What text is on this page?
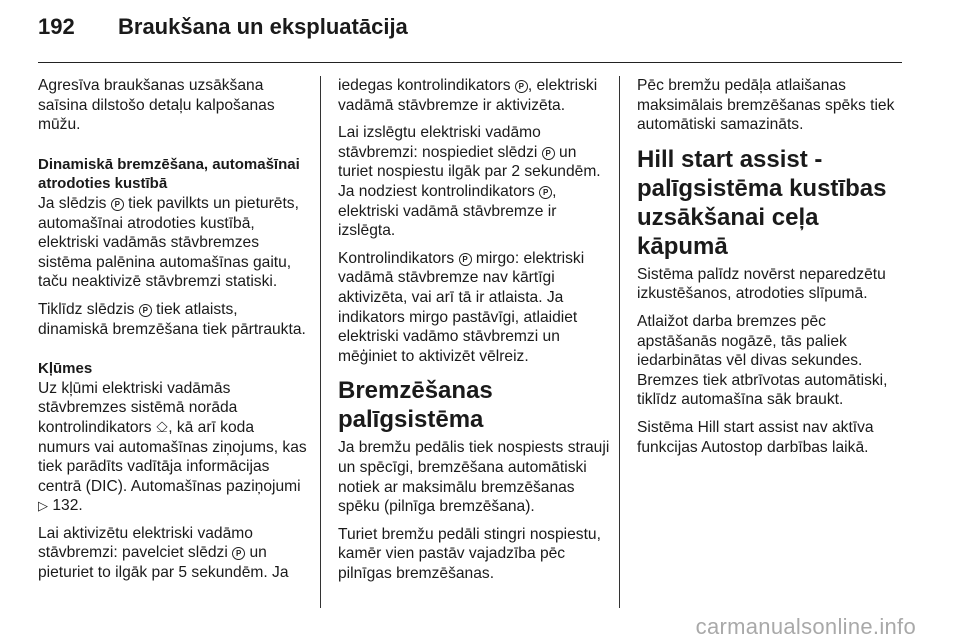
192 Braukšana un ekspluatācija

Agresīva braukšanas uzsākšana saīsina dilstošo detaļu kalpošanas mūžu.

Dinamiskā bremzēšana, automašīnai atrodoties kustībā

Ja slēdzis P tiek pavilkts un pieturēts, automašīnai atrodoties kustībā, elektriski vadāmās stāvbremzes sistēma palēnina automašīnas gaitu, taču neaktivizē stāvbremzi statiski.

Tiklīdz slēdzis P tiek atlaists, dinamiskā bremzēšana tiek pārtraukta.

Kļūmes

Uz kļūmi elektriski vadāmās stāvbremzes sistēmā norāda kontrolindikators ⎐, kā arī koda numurs vai automašīnas ziņojums, kas tiek parādīts vadītāja informācijas centrā (DIC). Automašīnas paziņojumi ▷ 132.

Lai aktivizētu elektriski vadāmo stāvbremzi: pavelciet slēdzi P un pieturiet to ilgāk par 5 sekundēm. Ja

iedegas kontrolindikators P , elektriski vadāmā stāvbremze ir aktivizēta.

Lai izslēgtu elektriski vadāmo stāvbremzi: nospiediet slēdzi P un turiet nospiestu ilgāk par 2 sekundēm. Ja nodziest kontrolindikators P , elektriski vadāmā stāvbremze ir izslēgta.

Kontrolindikators P mirgo: elektriski vadāmā stāvbremze nav kārtīgi aktivizēta, vai arī tā ir atlaista. Ja indikators mirgo pastāvīgi, atlaidiet elektriski vadāmo stāvbremzi un mēģiniet to aktivizēt vēlreiz.

Bremzēšanas palīgsistēma

Ja bremžu pedālis tiek nospiests strauji un spēcīgi, bremzēšana automātiski notiek ar maksimālu bremzēšanas spēku (pilnīga bremzēšana).

Turiet bremžu pedāli stingri nospiestu, kamēr vien pastāv vajadzība pēc pilnīgas bremzēšanas.

Pēc bremžu pedāļa atlaišanas maksimālais bremzēšanas spēks tiek automātiski samazināts.

Hill start assist - palīgsistēma kustības uzsākšanai ceļa kāpumā

Sistēma palīdz novērst neparedzētu izkustēšanos, atrodoties slīpumā.

Atlaižot darba bremzes pēc apstāšanās nogāzē, tās paliek iedarbinātas vēl divas sekundes. Bremzes tiek atbrīvotas automātiski, tiklīdz automašīna sāk braukt.

Sistēma Hill start assist nav aktīva funkcijas Autostop darbības laikā.

carmanualsonline.info
